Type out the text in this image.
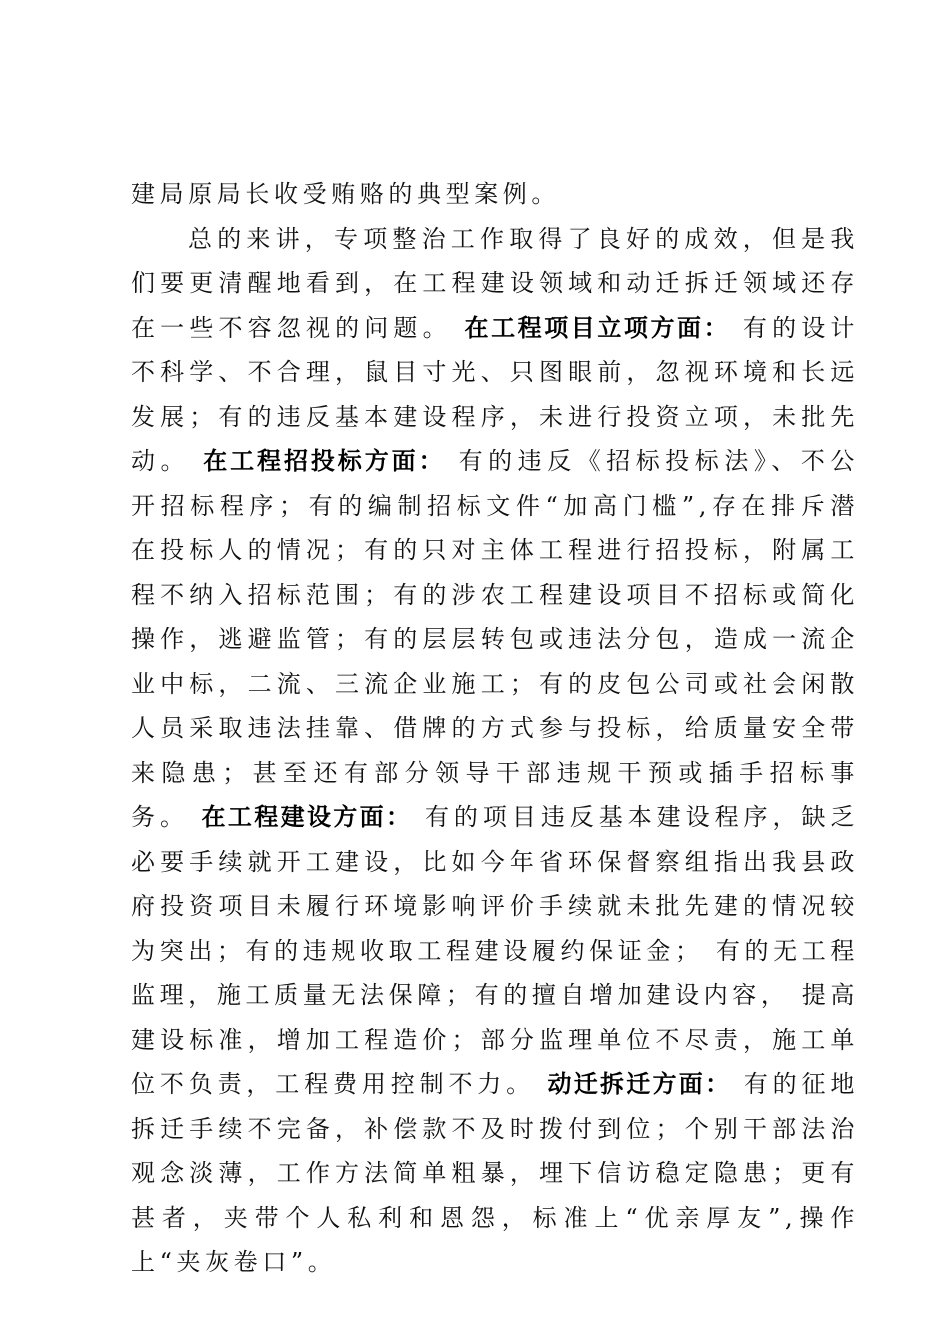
建局原局长收受贿赂的典型案例。

总的来讲，专项整治工作取得了良好的成效，但是我们要更清醒地看到，在工程建设领域和动迁拆迁领域还存在一些不容忽视的问题。 在工程项目立项方面： 有的设计不科学、不合理，鼠目寸光、只图眼前，忽视环境和长远发展；有的违反基本建设程序，未进行投资立项，未批先动。 在工程招投标方面： 有的违反《招标投标法》、不公开招标程序；有的编制招标文件“加高门槛”,存在排斥潜在投标人的情况；有的只对主体工程进行招投标，附属工程不纳入招标范围；有的涉农工程建设项目不招标或简化操作，逃避监管；有的层层转包或违法分包，造成一流企业中标，二流、三流企业施工；有的皮包公司或社会闲散人员采取违法挂靠、借牌的方式参与投标，给质量安全带来隐患；甚至还有部分领导干部违规干预或插手招标事务。 在工程建设方面： 有的项目违反基本建设程序，缺乏必要手续就开工建设，比如今年省环保督察组指出我县政府投资项目未履行环境影响评价手续就未批先建的情况较为突出；有的违规收取工程建设履约保证金； 有的无工程监理，施工质量无法保障；有的擅自增加建设内容， 提高建设标准，增加工程造价；部分监理单位不尽责，施工单位不负责，工程费用控制不力。 动迁拆迁方面： 有的征地拆迁手续不完备，补偿款不及时拨付到位；个别干部法治观念淡薄，工作方法简单粗暴，埋下信访稳定隐患；更有甚者，夹带个人私利和恩怨，标准上“优亲厚友”,操作上“夹灰卷口”。
